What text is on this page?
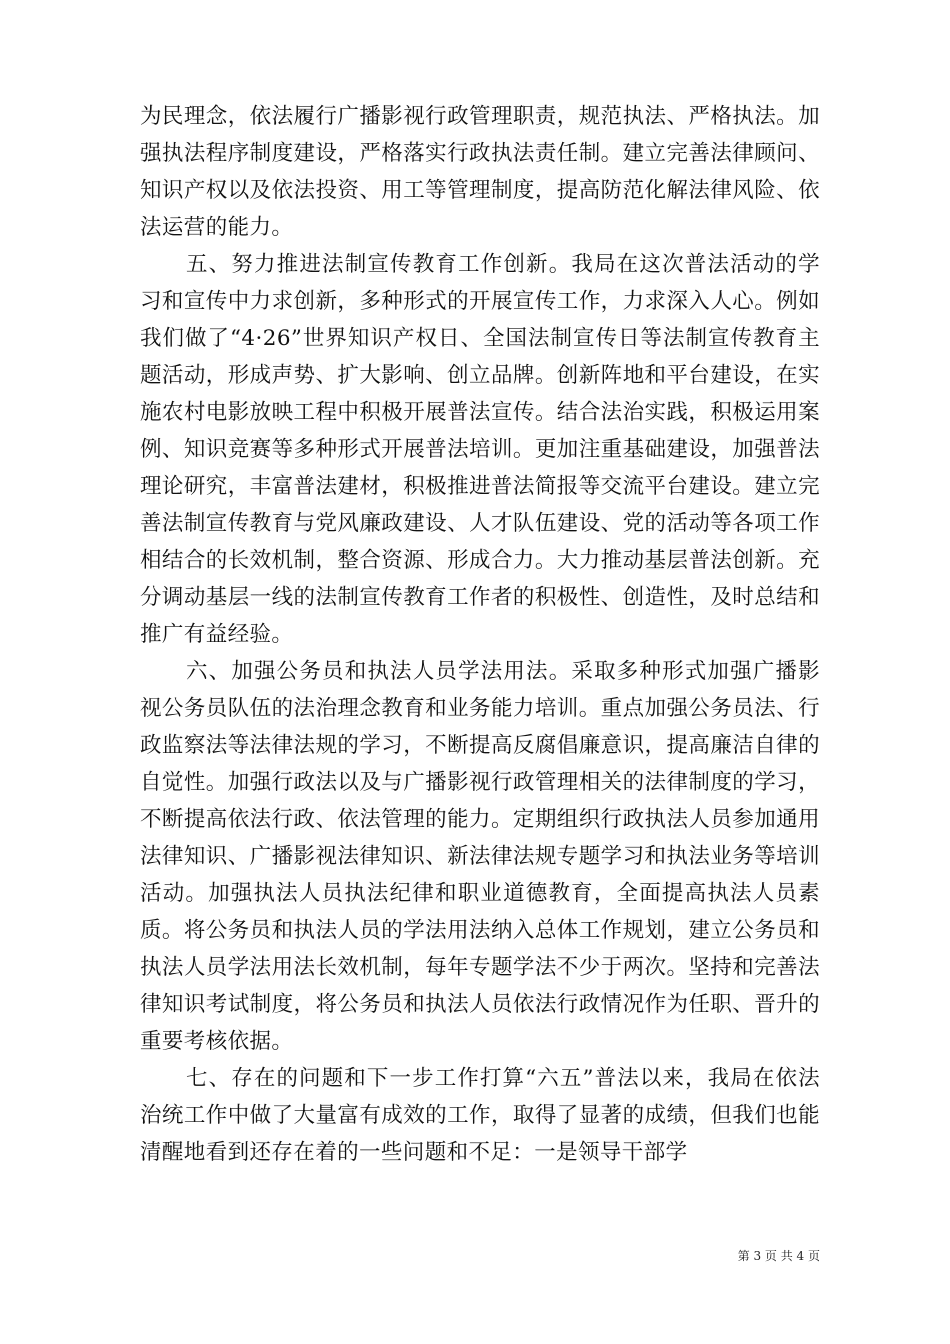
为民理念，依法履行广播影视行政管理职责，规范执法、严格执法。加强执法程序制度建设，严格落实行政执法责任制。建立完善法律顾问、知识产权以及依法投资、用工等管理制度，提高防范化解法律风险、依法运营的能力。

五、努力推进法制宣传教育工作创新。我局在这次普法活动的学习和宣传中力求创新，多种形式的开展宣传工作，力求深入人心。例如我们做了“4·26”世界知识产权日、全国法制宣传日等法制宣传教育主题活动，形成声势、扩大影响、创立品牌。创新阵地和平台建设，在实施农村电影放映工程中积极开展普法宣传。结合法治实践，积极运用案例、知识竞赛等多种形式开展普法培训。更加注重基础建设，加强普法理论研究，丰富普法建材，积极推进普法简报等交流平台建设。建立完善法制宣传教育与党风廉政建设、人才队伍建设、党的活动等各项工作相结合的长效机制，整合资源、形成合力。大力推动基层普法创新。充分调动基层一线的法制宣传教育工作者的积极性、创造性，及时总结和推广有益经验。

六、加强公务员和执法人员学法用法。采取多种形式加强广播影视公务员队伍的法治理念教育和业务能力培训。重点加强公务员法、行政监察法等法律法规的学习，不断提高反腐倡廉意识，提高廉洁自律的自觉性。加强行政法以及与广播影视行政管理相关的法律制度的学习，不断提高依法行政、依法管理的能力。定期组织行政执法人员参加通用法律知识、广播影视法律知识、新法律法规专题学习和执法业务等培训活动。加强执法人员执法纪律和职业道德教育，全面提高执法人员素质。将公务员和执法人员的学法用法纳入总体工作规划，建立公务员和执法人员学法用法长效机制，每年专题学法不少于两次。坚持和完善法律知识考试制度，将公务员和执法人员依法行政情况作为任职、晋升的重要考核依据。

七、存在的问题和下一步工作打算“六五”普法以来，我局在依法治统工作中做了大量富有成效的工作，取得了显著的成绩，但我们也能清醒地看到还存在着的一些问题和不足：一是领导干部学

第 3 页 共 4 页
